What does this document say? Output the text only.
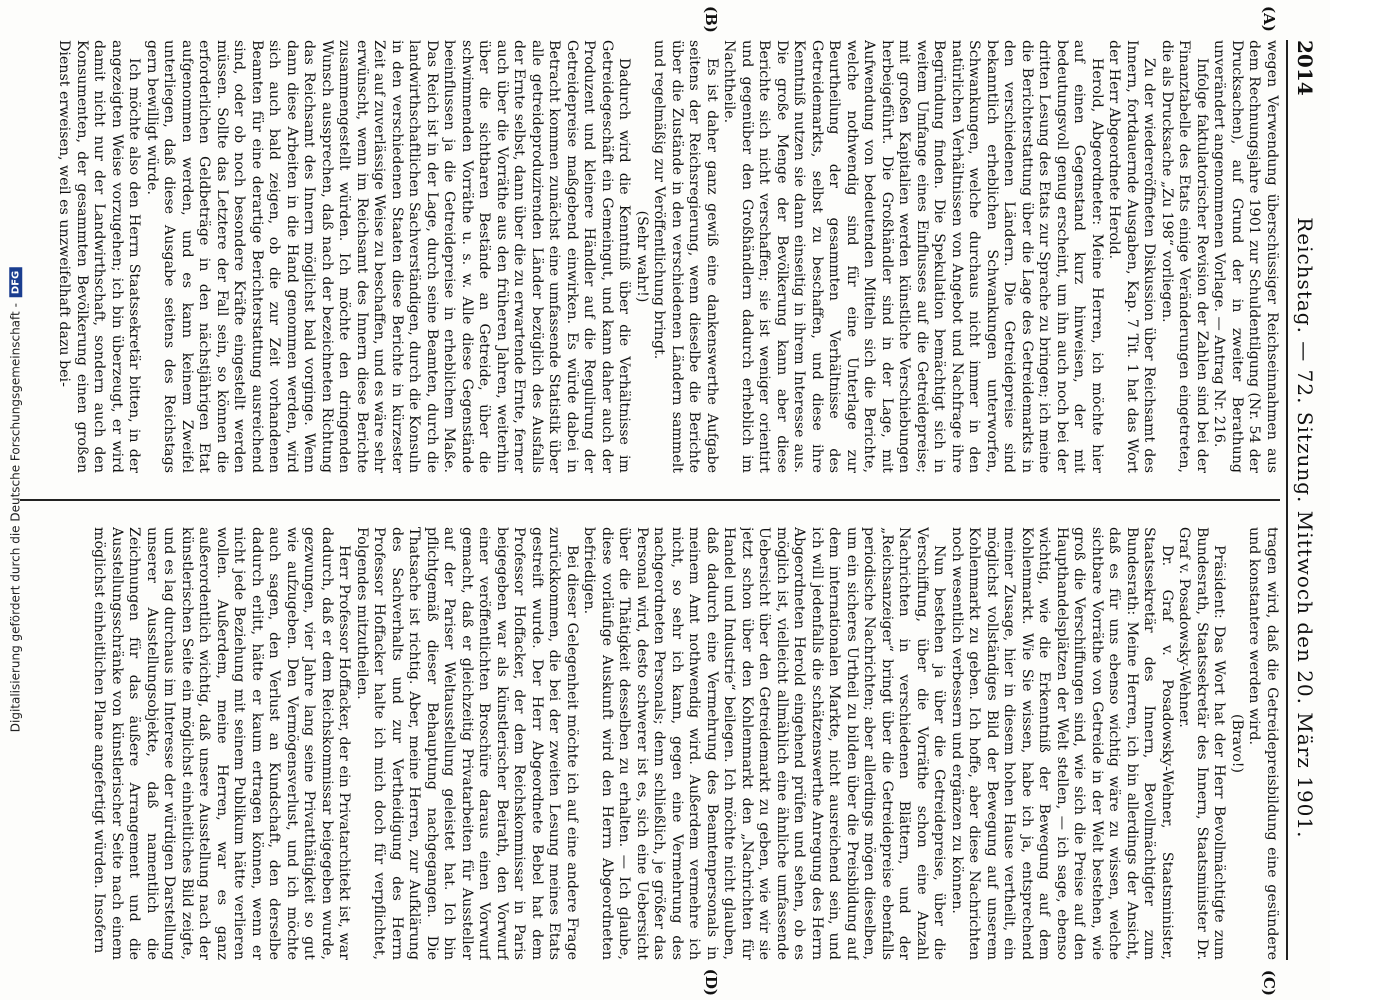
2014
Reichstag. — 72. Sitzung. Mittwoch den 20. März 1901.
(A)
(B)
(C)
(D)

wegen Verwendung überschüssiger Reichseinnahmen aus dem Rechnungsjahre 1901 zur Schuldentilgung (Nr. 54 der Drucksachen), auf Grund der in zweiter Berathung unverändert angenommenen Vorlage. — Antrag Nr. 216.

Infolge faktulatorischer Revision der Zahlen sind bei der Finanztabelle des Etats einige Veränderungen eingetreten, die als Drucksache „Zu 198“ vorliegen.

Zu der wiedereröffneten Diskussion über Reichsamt des Innern, fortdauernde Ausgaben, Kap. 7 Tit. 1 hat das Wort der Herr Abgeordnete Herold.

Herold, Abgeordneter: Meine Herren, ich möchte hier auf einen Gegenstand kurz hinweisen, der mit bedeutungsvoll genug erscheint, um ihn auch noch bei der dritten Lesung des Etats zur Sprache zu bringen; ich meine die Berichterstattung über die Lage des Getreidemarkts in den verschiedenen Ländern. Die Getreidepreise sind bekanntlich erheblichen Schwankungen unterworfen, Schwankungen, welche durchaus nicht immer in den natürlichen Verhältnissen von Angebot und Nachfrage ihre Begründung finden. Die Spekulation bemächtigt sich in weitem Umfange eines Einflusses auf die Getreidepreise; mit großen Kapitalien werden künstliche Verschiebungen herbeigeführt. Die Großhändler sind in der Lage, mit Aufwendung von bedeutenden Mitteln sich die Berichte, welche nothwendig sind für eine Unterlage zur Beurtheilung der gesammten Verhältnisse des Getreidemarkts, selbst zu beschaffen, und diese ihre Kenntniß nutzen sie dann einseitig in ihrem Interesse aus. Die große Menge der Bevölkerung kann aber diese Berichte sich nicht verschaffen; sie ist weniger orientirt und gegenüber den Großhändlern dadurch erheblich im Nachtheile.

Es ist daher ganz gewiß eine dankenswerthe Aufgabe seitens der Reichsregierung, wenn dieselbe die Berichte über die Zustände in den verschiedenen Ländern sammelt und regelmäßig zur Veröffentlichung bringt.

(Sehr wahr!)

Dadurch wird die Kenntniß über die Verhältnisse im Getreidegeschäft ein Gemeingut, und kann daher auch der Produzent und kleinere Händler auf die Regulirung der Getreidepreise maßgebend einwirken. Es würde dabei in Betracht kommen zunächst eine umfassende Statistik über alle getreideproduzirenden Länder bezüglich des Ausfalls der Ernte selbst, dann über die zu erwartende Ernte, ferner auch über die Vorräthe aus den früheren Jahren, weiterhin über die sichtbaren Bestände an Getreide, über die schwimmenden Vorräthe u. s. w. Alle diese Gegenstände beeinflussen ja die Getreidepreise in erheblichem Maße. Das Reich ist in der Lage, durch seine Beamten, durch die landwirthschaftlichen Sachverständigen, durch die Konsuln in den verschiedenen Staaten diese Berichte in kürzester Zeit auf zuverlässige Weise zu beschaffen, und es wäre sehr erwünscht, wenn im Reichsamt des Innern diese Berichte zusammengestellt würden. Ich möchte den dringenden Wunsch aussprechen, daß nach der bezeichneten Richtung das Reichsamt des Innern möglichst bald vorginge. Wenn dann diese Arbeiten in die Hand genommen werden, wird sich auch bald zeigen, ob die zur Zeit vorhandenen Beamten für eine derartige Berichterstattung ausreichend sind, oder ob noch besondere Kräfte eingestellt werden müssen. Sollte das Letztere der Fall sein, so können die erforderlichen Geldbeträge in den nächstjährigen Etat aufgenommen werden, und es kann keinem Zweifel unterliegen, daß diese Ausgabe seitens des Reichstags gern bewilligt würde.

Ich möchte also den Herrn Staatssekretär bitten, in der angezeigten Weise vorzugehen; ich bin überzeugt, er wird damit nicht nur der Landwirthschaft, sondern auch den Konsumenten, der gesammten Bevölkerung einen großen Dienst erweisen, weil es unzweifelhaft dazu bei-

tragen wird, daß die Getreidepreisbildung eine gesündere und konstantere werden wird.

(Bravo!)

Präsident: Das Wort hat der Herr Bevollmächtigte zum Bundesrath, Staatssekretär des Innern, Staatsminister Dr. Graf v. Posadowsky-Wehner.

Dr. Graf v. Posadowsky-Wehner, Staatsminister, Staatssekretär des Innern, Bevollmächtigter zum Bundesrath: Meine Herren, ich bin allerdings der Ansicht, daß es für uns ebenso wichtig wäre zu wissen, welche sichtbare Vorräthe von Getreide in der Welt bestehen, wie groß die Verschiffungen sind, wie sich die Preise auf den Haupthandelsplätzen der Welt stellen, — ich sage, ebenso wichtig, wie die Erkenntniß der Bewegung auf dem Kohlenmarkt. Wie Sie wissen, habe ich ja, entsprechend meiner Zusage, hier in diesem hohen Hause vertheilt, ein möglichst vollständiges Bild der Bewegung auf unserem Kohlenmarkt zu geben. Ich hoffe, aber diese Nachrichten noch wesentlich verbessern und ergänzen zu können.

Nun bestehen ja über die Getreidepreise, über die Verschiffung, über die Vorräthe schon eine Anzahl Nachrichten in verschiedenen Blättern, und der „Reichsanzeiger“ bringt über die Getreidepreise ebenfalls periodische Nachrichten; aber allerdings mögen dieselben, um ein sicheres Urtheil zu bilden über die Preisbildung auf dem internationalen Markte, nicht ausreichend sein, und ich will jedenfalls die schätzenswerthe Anregung des Herrn Abgeordneten Herold eingehend prüfen und sehen, ob es möglich ist, vielleicht allmählich eine ähnliche umfassende Uebersicht über den Getreidemarkt zu geben, wie wir sie jetzt schon über den Kohlenmarkt den „Nachrichten für Handel und Industrie“ beilegen. Ich möchte nicht glauben, daß dadurch eine Vermehrung des Beamtenpersonals in meinem Amt nothwendig wird. Außerdem vermehre ich nicht, so sehr ich kann, gegen eine Vermehrung des nachgeordneten Personals; denn schließlich, je größer das Personal wird, desto schwerer ist es, sich eine Uebersicht über die Thätigkeit desselben zu erhalten. — Ich glaube, diese vorläufige Auskunft wird den Herrn Abgeordneten befriedigen.

Bei dieser Gelegenheit möchte ich auf eine andere Frage zurückkommen, die bei der zweiten Lesung meines Etats gestreift wurde. Der Herr Abgeordnete Bebel hat dem Professor Hoffacker, der dem Reichskommissar in Paris beigegeben war als künstlerischer Beirath, den Vorwurf einer veröffentlichten Broschüre daraus einen Vorwurf gemacht, daß er gleichzeitig Privatarbeiten für Aussteller auf der Pariser Weltausstellung geleistet hat. Ich bin pflichtgemäß dieser Behauptung nachgegangen. Die Thatsache ist richtig. Aber, meine Herren, zur Aufklärung des Sachverhalts und zur Vertheidigung des Herrn Professor Hoffacker halte ich mich doch für verpflichtet, Folgendes mitzutheilen.

Herr Professor Hoffacker, der ein Privatarchitekt ist, war dadurch, daß er dem Reichskommissar beigegeben wurde, gezwungen, vier Jahre lang seine Privatthätigkeit so gut wie aufzugeben. Den Vermögensverlust, und ich möchte auch sagen, den Verlust an Kundschaft, den derselbe dadurch erlitt, hätte er kaum ertragen können, wenn er nicht jede Beziehung mit seinem Publikum hätte verlieren wollen. Außerdem, meine Herren, war es ganz außerordentlich wichtig, daß unsere Ausstellung nach der künstlerischen Seite ein möglichst einheitliches Bild zeigte, und es lag durchaus im Interesse der würdigen Darstellung unserer Ausstellungsobjekte, daß namentlich die Zeichnungen für das äußere Arrangement und die Ausstellungsschränke von künstlerischer Seite nach einem möglichst einheitlichen Plane angefertigt würden. Insofern

Digitalisierung gefördert durch die Deutsche Forschungsgemeinschaft -
DFG
